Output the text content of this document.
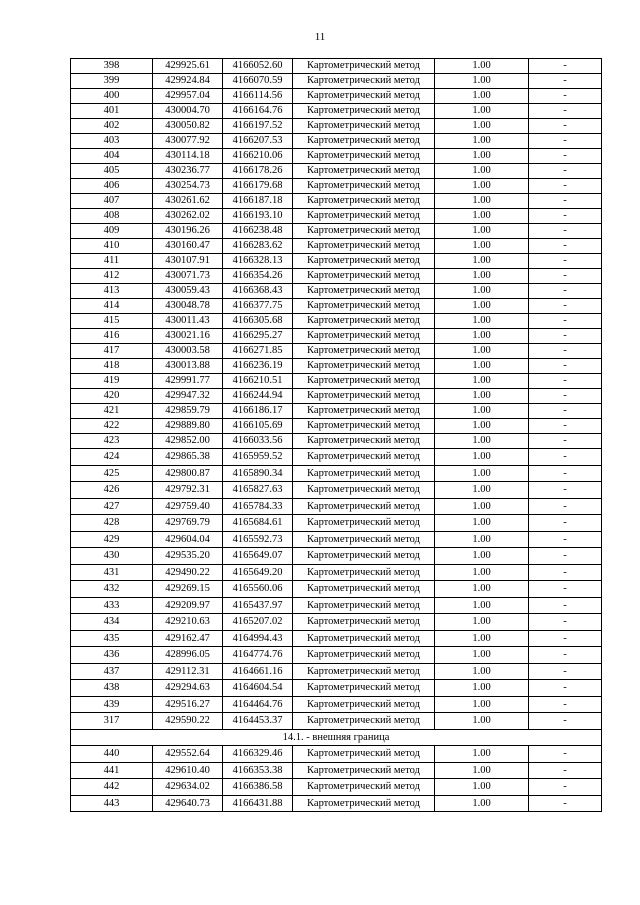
11
398	429925.61	4166052.60	Картометрический метод	1.00	-
399	429924.84	4166070.59	Картометрический метод	1.00	-
400	429957.04	4166114.56	Картометрический метод	1.00	-
401	430004.70	4166164.76	Картометрический метод	1.00	-
402	430050.82	4166197.52	Картометрический метод	1.00	-
403	430077.92	4166207.53	Картометрический метод	1.00	-
404	430114.18	4166210.06	Картометрический метод	1.00	-
405	430236.77	4166178.26	Картометрический метод	1.00	-
406	430254.73	4166179.68	Картометрический метод	1.00	-
407	430261.62	4166187.18	Картометрический метод	1.00	-
408	430262.02	4166193.10	Картометрический метод	1.00	-
409	430196.26	4166238.48	Картометрический метод	1.00	-
410	430160.47	4166283.62	Картометрический метод	1.00	-
411	430107.91	4166328.13	Картометрический метод	1.00	-
412	430071.73	4166354.26	Картометрический метод	1.00	-
413	430059.43	4166368.43	Картометрический метод	1.00	-
414	430048.78	4166377.75	Картометрический метод	1.00	-
415	430011.43	4166305.68	Картометрический метод	1.00	-
416	430021.16	4166295.27	Картометрический метод	1.00	-
417	430003.58	4166271.85	Картометрический метод	1.00	-
418	430013.88	4166236.19	Картометрический метод	1.00	-
419	429991.77	4166210.51	Картометрический метод	1.00	-
420	429947.32	4166244.94	Картометрический метод	1.00	-
421	429859.79	4166186.17	Картометрический метод	1.00	-
422	429889.80	4166105.69	Картометрический метод	1.00	-
423	429852.00	4166033.56	Картометрический метод	1.00	-
424	429865.38	4165959.52	Картометрический метод	1.00	-
425	429800.87	4165890.34	Картометрический метод	1.00	-
426	429792.31	4165827.63	Картометрический метод	1.00	-
427	429759.40	4165784.33	Картометрический метод	1.00	-
428	429769.79	4165684.61	Картометрический метод	1.00	-
429	429604.04	4165592.73	Картометрический метод	1.00	-
430	429535.20	4165649.07	Картометрический метод	1.00	-
431	429490.22	4165649.20	Картометрический метод	1.00	-
432	429269.15	4165560.06	Картометрический метод	1.00	-
433	429209.97	4165437.97	Картометрический метод	1.00	-
434	429210.63	4165207.02	Картометрический метод	1.00	-
435	429162.47	4164994.43	Картометрический метод	1.00	-
436	428996.05	4164774.76	Картометрический метод	1.00	-
437	429112.31	4164661.16	Картометрический метод	1.00	-
438	429294.63	4164604.54	Картометрический метод	1.00	-
439	429516.27	4164464.76	Картометрический метод	1.00	-
317	429590.22	4164453.37	Картометрический метод	1.00	-
14.1. - внешняя граница					
440	429552.64	4166329.46	Картометрический метод	1.00	-
441	429610.40	4166353.38	Картометрический метод	1.00	-
442	429634.02	4166386.58	Картометрический метод	1.00	-
443	429640.73	4166431.88	Картометрический метод	1.00	-
